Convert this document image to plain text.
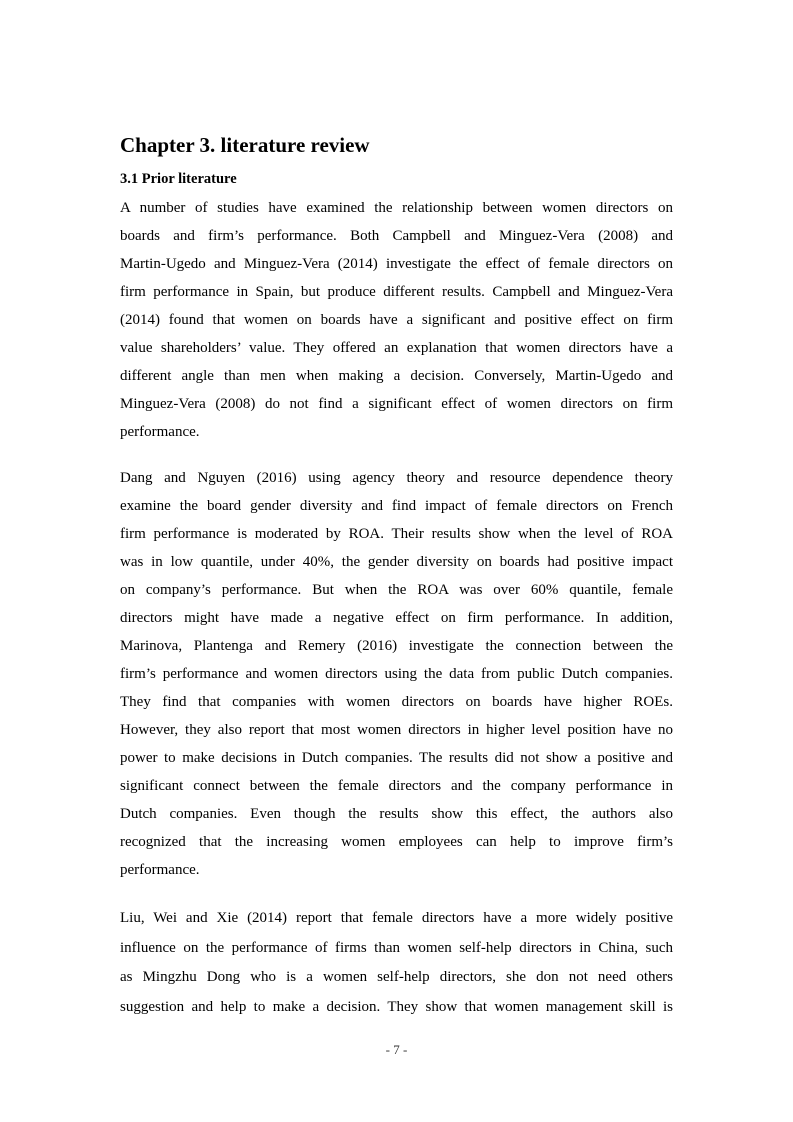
Chapter 3. literature review
3.1 Prior literature
A number of studies have examined the relationship between women directors on
boards and firm’s performance. Both Campbell and Minguez-Vera (2008) and
Martin-Ugedo and Minguez-Vera (2014) investigate the effect of female directors on
firm performance in Spain, but produce different results. Campbell and Minguez-Vera
(2014) found that women on boards have a significant and positive effect on firm
value shareholders’ value. They offered an explanation that women directors have a
different angle than men when making a decision. Conversely, Martin-Ugedo and
Minguez-Vera (2008) do not find a significant effect of women directors on firm
performance.
Dang and Nguyen (2016) using agency theory and resource dependence theory
examine the board gender diversity and find impact of female directors on French
firm performance is moderated by ROA. Their results show when the level of ROA
was in low quantile, under 40%, the gender diversity on boards had positive impact
on company’s performance. But when the ROA was over 60% quantile, female
directors might have made a negative effect on firm performance. In addition,
Marinova, Plantenga and Remery (2016) investigate the connection between the
firm’s performance and women directors using the data from public Dutch companies.
They find that companies with women directors on boards have higher ROEs.
However, they also report that most women directors in higher level position have no
power to make decisions in Dutch companies. The results did not show a positive and
significant connect between the female directors and the company performance in
Dutch companies. Even though the results show this effect, the authors also
recognized that the increasing women employees can help to improve firm’s
performance.
Liu, Wei and Xie (2014) report that female directors have a more widely positive
influence on the performance of firms than women self-help directors in China, such
as Mingzhu Dong who is a women self-help directors, she don not need others
suggestion and help to make a decision. They show that women management skill is
- 7 -
